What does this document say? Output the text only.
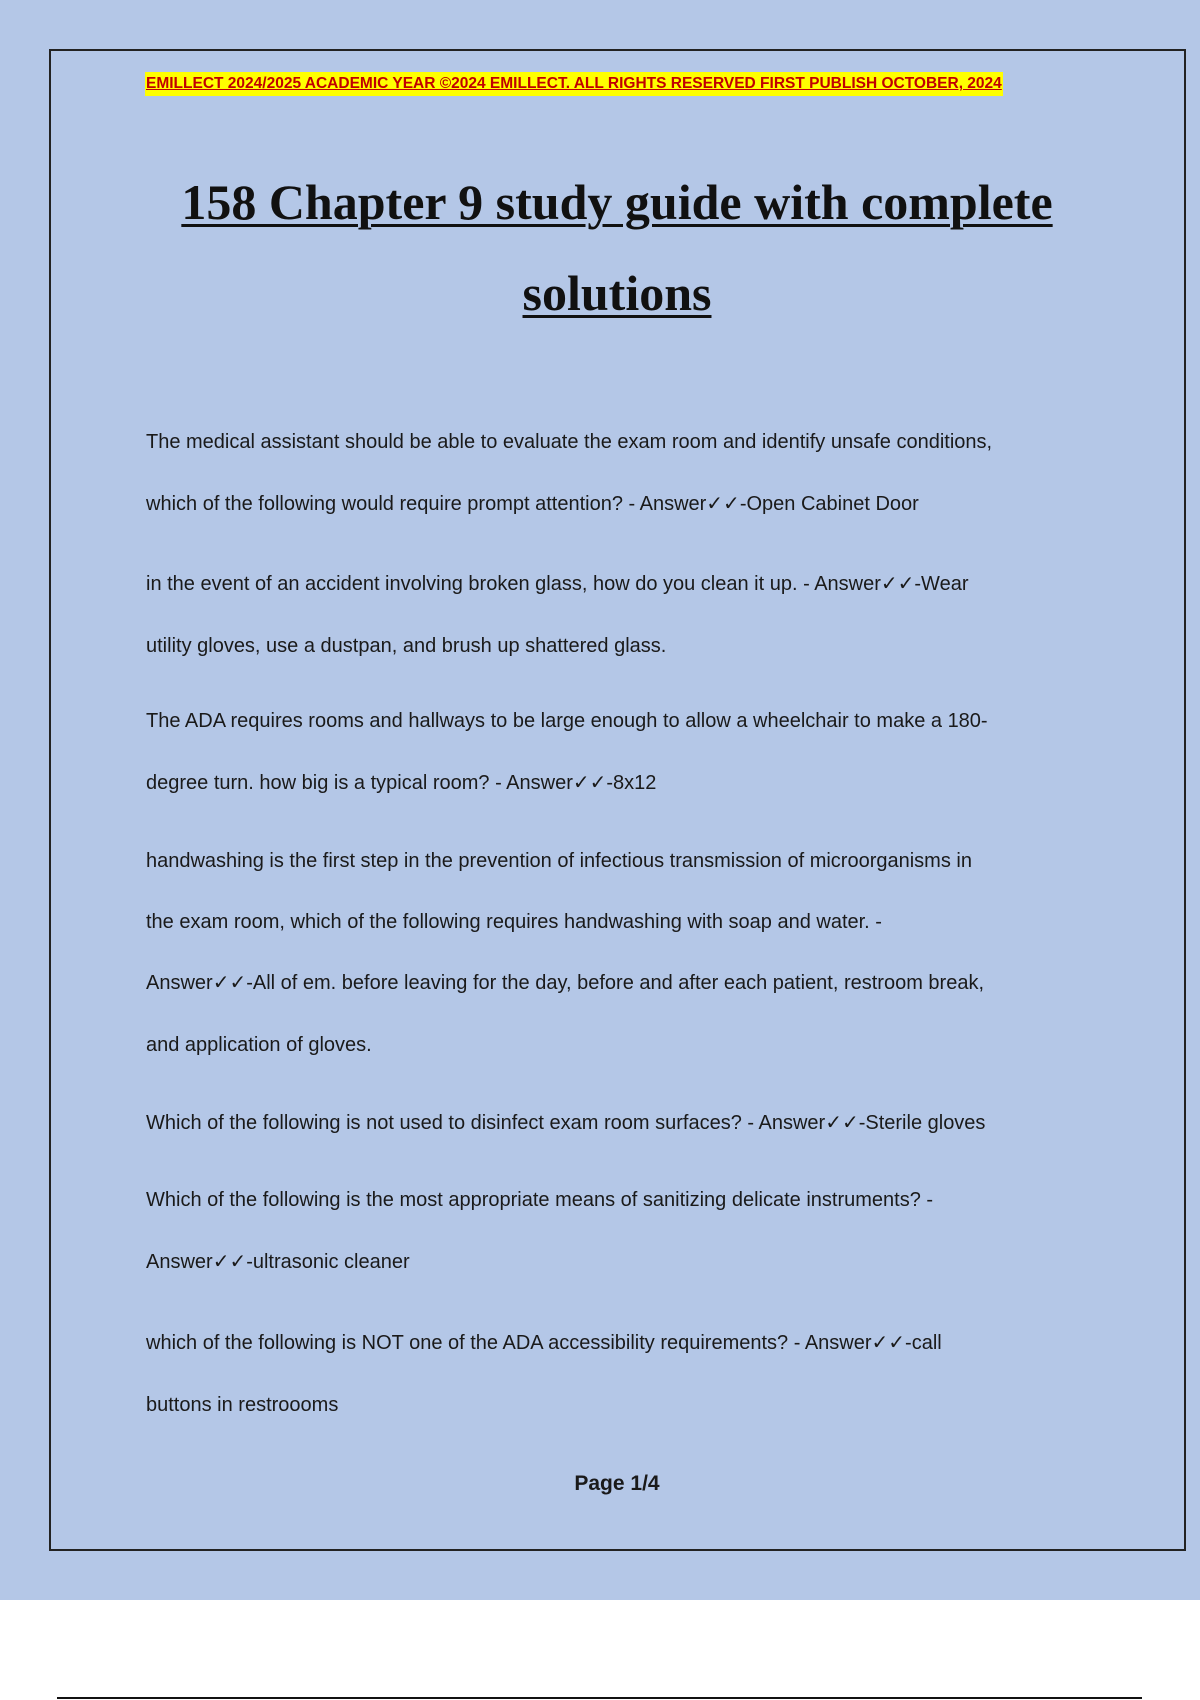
EMILLECT 2024/2025 ACADEMIC YEAR ©2024 EMILLECT. ALL RIGHTS RESERVED FIRST PUBLISH OCTOBER, 2024
158 Chapter 9 study guide with complete
solutions
The medical assistant should be able to evaluate the exam room and identify unsafe conditions,
which of the following would require prompt attention? - Answer✓✓-Open Cabinet Door
in the event of an accident involving broken glass, how do you clean it up. - Answer✓✓-Wear
utility gloves, use a dustpan, and brush up shattered glass.
The ADA requires rooms and hallways to be large enough to allow a wheelchair to make a 180-
degree turn. how big is a typical room? - Answer✓✓-8x12
handwashing is the first step in the prevention of infectious transmission of microorganisms in
the exam room, which of the following requires handwashing with soap and water. -
Answer✓✓-All of em. before leaving for the day, before and after each patient, restroom break,
and application of gloves.
Which of the following is not used to disinfect exam room surfaces? - Answer✓✓-Sterile gloves
Which of the following is the most appropriate means of sanitizing delicate instruments? -
Answer✓✓-ultrasonic cleaner
which of the following is NOT one of the ADA accessibility requirements? - Answer✓✓-call
buttons in restroooms
Page 1/4
